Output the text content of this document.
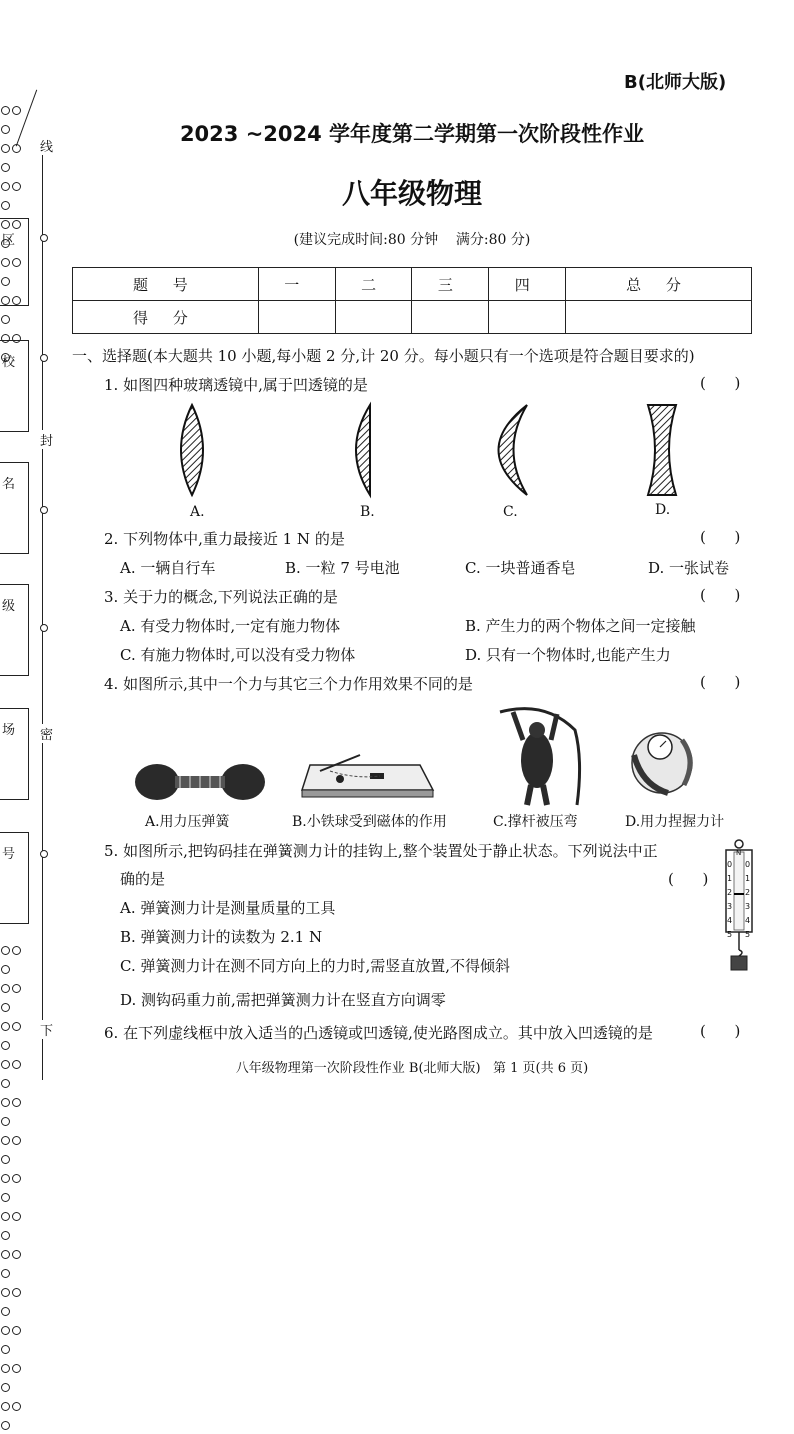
线
封
密
下
区
校
名
级
场
号
B(北师大版)
2023 ~2024 学年度第二学期第一次阶段性作业
八年级物理
(建议完成时间:80 分钟    满分:80 分)
题 号	一	二	三	四	总 分
得 分					
一、选择题(本大题共 10 小题,每小题 2 分,计 20 分。每小题只有一个选项是符合题目要求的)
1. 如图四种玻璃透镜中,属于凹透镜的是	(      )
A.	B.	C.	D.
2. 下列物体中,重力最接近 1 N 的是	(      )
A. 一辆自行车	B. 一粒 7 号电池	C. 一块普通香皂	D. 一张试卷
3. 关于力的概念,下列说法正确的是	(      )
A. 有受力物体时,一定有施力物体	B. 产生力的两个物体之间一定接触
C. 有施力物体时,可以没有受力物体	D. 只有一个物体时,也能产生力
4. 如图所示,其中一个力与其它三个力作用效果不同的是	(      )
A.用力压弹簧	B.小铁球受到磁体的作用	C.撑杆被压弯	D.用力捏握力计
5. 如图所示,把钩码挂在弹簧测力计的挂钩上,整个装置处于静止状态。下列说法中正
确的是	(      )
A. 弹簧测力计是测量质量的工具
B. 弹簧测力计的读数为 2.1 N
C. 弹簧测力计在测不同方向上的力时,需竖直放置,不得倾斜
D. 测钩码重力前,需把弹簧测力计在竖直方向调零
N
0
1
2
3
4
5
0
1
2
3
4
5
6. 在下列虚线框中放入适当的凸透镜或凹透镜,使光路图成立。其中放入凹透镜的是	(      )
八年级物理第一次阶段性作业 B(北师大版)   第 1 页(共 6 页)
